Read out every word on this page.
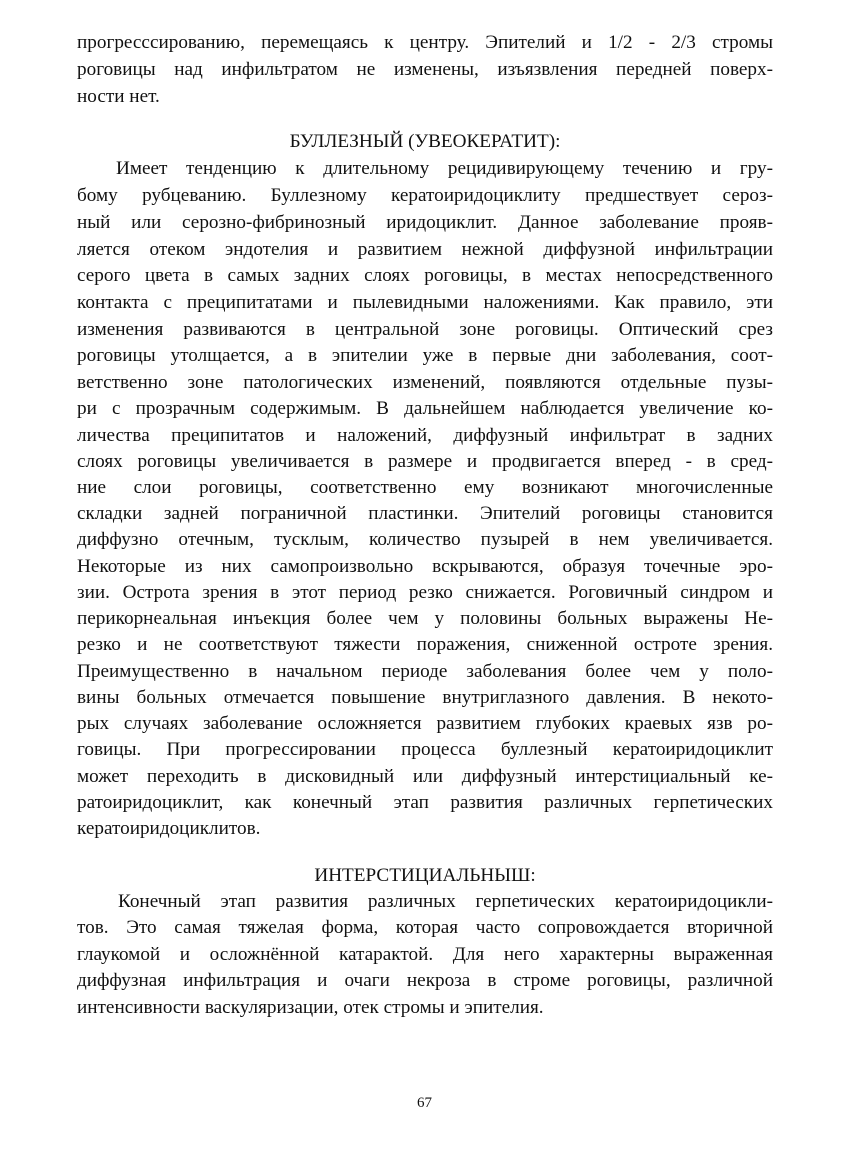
прогресссированию, перемещаясь к центру. Эпителий и 1/2 - 2/3 стромы
роговицы над инфильтратом не изменены, изъязвления передней поверх-
ности нет.
БУЛЛЕЗНЫЙ (УВЕОКЕРАТИТ):
Имеет тенденцию к длительному рецидивирующему течению и гру-
бому рубцеванию. Буллезному кератоиридоциклиту предшествует сероз-
ный или серозно-фибринозный иридоциклит. Данное заболевание прояв-
ляется отеком эндотелия и развитием нежной диффузной инфильтрации
серого цвета в самых задних слоях роговицы, в местах непосредственного
контакта с преципитатами и пылевидными наложениями. Как правило, эти
изменения развиваются в центральной зоне роговицы. Оптический срез
роговицы утолщается, а в эпителии уже в первые дни заболевания, соот-
ветственно зоне патологических изменений, появляются отдельные пузы-
ри с прозрачным содержимым. В дальнейшем наблюдается увеличение ко-
личества преципитатов и наложений, диффузный инфильтрат в задних
слоях роговицы увеличивается в размере и продвигается вперед - в сред-
ние слои роговицы, соответственно ему возникают многочисленные
складки задней пограничной пластинки. Эпителий роговицы становится
диффузно отечным, тусклым, количество пузырей в нем увеличивается.
Некоторые из них самопроизвольно вскрываются, образуя точечные эро-
зии. Острота зрения в этот период резко снижается. Роговичный синдром и
перикорнеальная инъекция более чем у половины больных выражены Не-
резко и не соответствуют тяжести поражения, сниженной остроте зрения.
Преимущественно в начальном периоде заболевания более чем у поло-
вины больных отмечается повышение внутриглазного давления. В некото-
рых случаях заболевание осложняется развитием глубоких краевых язв ро-
говицы. При прогрессировании процесса буллезный кератоиридоциклит
может переходить в дисковидный или диффузный интерстициальный ке-
ратоиридоциклит, как конечный этап развития различных герпетических
кератоиридоциклитов.
ИНТЕРСТИЦИАЛЬНЫШ:
Конечный этап развития различных герпетических кератоиридоцикли-
тов. Это самая тяжелая форма, которая часто сопровождается вторичной
глаукомой и осложнённой катарактой. Для него характерны выраженная
диффузная инфильтрация и очаги некроза в строме роговицы, различной
интенсивности васкуляризации, отек стромы и эпителия.
67
